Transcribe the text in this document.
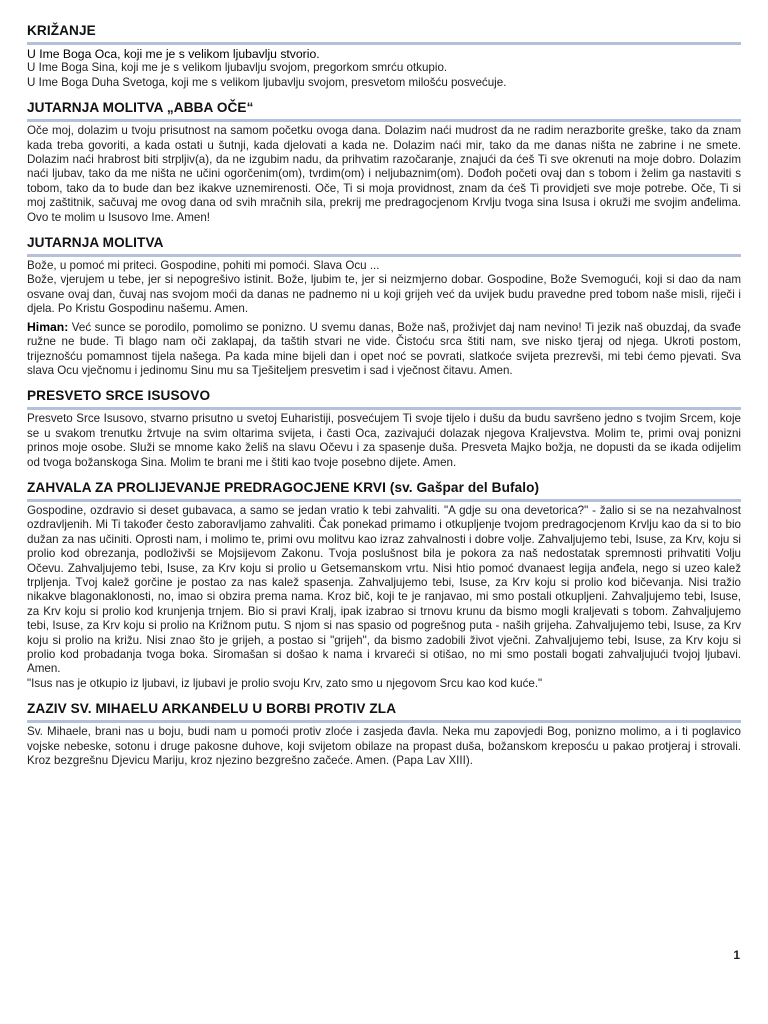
KRIŽANJE

U Ime Boga Oca, koji me je s velikom ljubavlju stvorio.

U Ime Boga Sina, koji me je s velikom ljubavlju svojom, pregorkom smrću otkupio.

U Ime Boga Duha Svetoga, koji me s velikom ljubavlju svojom, presvetom milošću posvećuje.

JUTARNJA MOLITVA „ABBA OČE“

Oče moj, dolazim u tvoju prisutnost na samom početku ovoga dana. Dolazim naći mudrost da ne radim nerazborite greške, tako da znam kada treba govoriti, a kada ostati u šutnji, kada djelovati a kada ne. Dolazim naći mir, tako da me danas ništa ne zabrine i ne smete. Dolazim naći hrabrost biti strpljiv(a), da ne izgubim nadu, da prihvatim razočaranje, znajući da ćeš Ti sve okrenuti na moje dobro. Dolazim naći ljubav, tako da me ništa ne učini ogorčenim(om), tvrdim(om) i neljubaznim(om). Dođoh početi ovaj dan s tobom i želim ga nastaviti s tobom, tako da to bude dan bez ikakve uznemirenosti. Oče, Ti si moja providnost, znam da ćeš Ti providjeti sve moje potrebe. Oče, Ti si moj zaštitnik, sačuvaj me ovog dana od svih mračnih sila, prekrij me predragocjenom Krvlju tvoga sina Isusa i okruži me svojim anđelima. Ovo te molim u Isusovo Ime. Amen!

JUTARNJA MOLITVA

Bože, u pomoć mi priteci. Gospodine, pohiti mi pomoći. Slava Ocu ...

Bože, vjerujem u tebe, jer si nepogrešivo istinit. Bože, ljubim te, jer si neizmjerno dobar. Gospodine, Bože Svemogući, koji si dao da nam osvane ovaj dan, čuvaj nas svojom moći da danas ne padnemo ni u koji grijeh već da uvijek budu pravedne pred tobom naše misli, riječi i djela. Po Kristu Gospodinu našemu. Amen.

Himan: Već sunce se porodilo, pomolimo se ponizno. U svemu danas, Bože naš, proživjet daj nam nevino! Ti jezik naš obuzdaj, da svađe ružne ne bude. Ti blago nam oči zaklapaj, da taštih stvari ne vide. Čistoću srca štiti nam, sve nisko tjeraj od njega. Ukroti postom, trijeznošću pomamnost tijela našega. Pa kada mine bijeli dan i opet noć se povrati, slatkoće svijeta prezrevši, mi tebi ćemo pjevati. Sva slava Ocu vječnomu i jedinomu Sinu mu sa Tješiteljem presvetim i sad i vječnost čitavu. Amen.

PRESVETO SRCE ISUSOVO

Presveto Srce Isusovo, stvarno prisutno u svetoj Euharistiji, posvećujem Ti svoje tijelo i dušu da budu savršeno jedno s tvojim Srcem, koje se u svakom trenutku žrtvuje na svim oltarima svijeta, i časti Oca, zazivajući dolazak njegova Kraljevstva. Molim te, primi ovaj ponizni prinos moje osobe. Služi se mnome kako želiš na slavu Očevu i za spasenje duša. Presveta Majko božja, ne dopusti da se ikada odijelim od tvoga božanskoga Sina. Molim te brani me i štiti kao tvoje posebno dijete. Amen.

ZAHVALA ZA PROLIJEVANJE PREDRAGOCJENE KRVI (sv. Gašpar del Bufalo)

Gospodine, ozdravio si deset gubavaca, a samo se jedan vratio k tebi zahvaliti. "A gdje su ona devetorica?" - žalio si se na nezahvalnost ozdravljenih. Mi Ti također često zaboravljamo zahvaliti. Čak ponekad primamo i otkupljenje tvojom predragocjenom Krvlju kao da si to bio dužan za nas učiniti. Oprosti nam, i molimo te, primi ovu molitvu kao izraz zahvalnosti i dobre volje. Zahvaljujemo tebi, Isuse, za Krv, koju si prolio kod obrezanja, podloživši se Mojsijevom Zakonu. Tvoja poslušnost bila je pokora za naš nedostatak spremnosti prihvatiti Volju Očevu. Zahvaljujemo tebi, Isuse, za Krv koju si prolio u Getsemanskom vrtu. Nisi htio pomoć dvanaest legija anđela, nego si uzeo kalež trpljenja. Tvoj kalež gorčine je postao za nas kalež spasenja. Zahvaljujemo tebi, Isuse, za Krv koju si prolio kod bičevanja. Nisi tražio nikakve blagonaklonosti, no, imao si obzira prema nama. Kroz bič, koji te je ranjavao, mi smo postali otkupljeni. Zahvaljujemo tebi, Isuse, za Krv koju si prolio kod krunjenja trnjem. Bio si pravi Kralj, ipak izabrao si trnovu krunu da bismo mogli kraljevati s tobom. Zahvaljujemo tebi, Isuse, za Krv koju si prolio na Križnom putu. S njom si nas spasio od pogrešnog puta - naših grijeha. Zahvaljujemo tebi, Isuse, za Krv koju si prolio na križu. Nisi znao što je grijeh, a postao si "grijeh", da bismo zadobili život vječni. Zahvaljujemo tebi, Isuse, za Krv koju si prolio kod probadanja tvoga boka. Siromašan si došao k nama i krvareći si otišao, no mi smo postali bogati zahvaljujući tvojoj ljubavi. Amen.

"Isus nas je otkupio iz ljubavi, iz ljubavi je prolio svoju Krv, zato smo u njegovom Srcu kao kod kuće."

ZAZIV SV. MIHAELU ARKANĐELU U BORBI PROTIV ZLA

Sv. Mihaele, brani nas u boju, budi nam u pomoći protiv zloće i zasjeda đavla. Neka mu zapovjedi Bog, ponizno molimo, a i ti poglavico vojske nebeske, sotonu i druge pakosne duhove, koji svijetom obilaze na propast duša, božanskom kreposću u pakao protjeraj i strovali. Kroz bezgrešnu Djevicu Mariju, kroz njezino bezgrešno začeće. Amen. (Papa Lav XIII).

1
